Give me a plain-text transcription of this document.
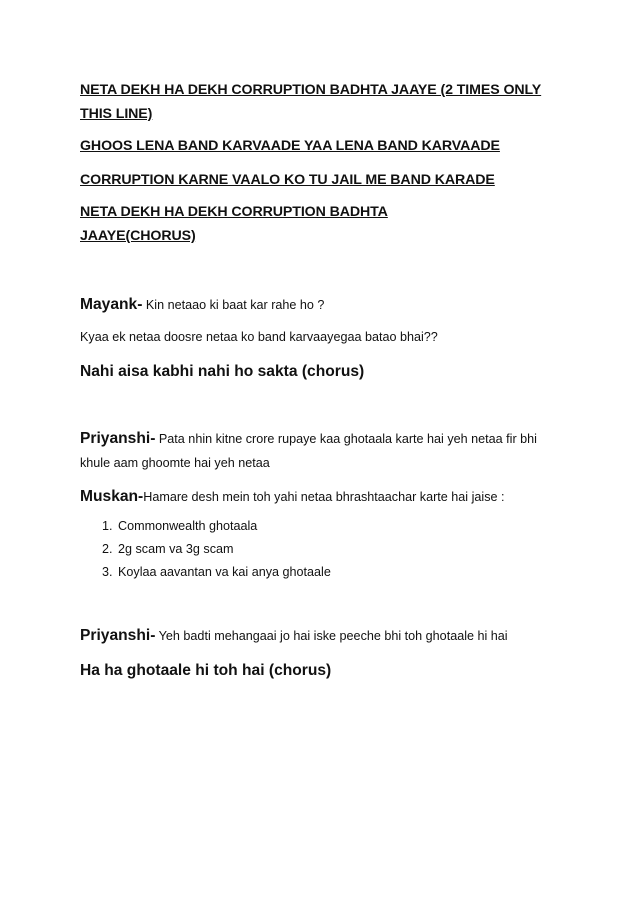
NETA DEKH HA DEKH CORRUPTION BADHTA JAAYE (2 TIMES ONLY THIS LINE)

GHOOS LENA BAND KARVAADE YAA LENA BAND KARVAADE

CORRUPTION KARNE VAALO KO TU JAIL ME BAND KARADE

NETA DEKH HA DEKH CORRUPTION BADHTA JAAYE(CHORUS)

Mayank- Kin netaao ki baat kar rahe ho ?

Kyaa ek netaa doosre netaa ko band karvaayegaa batao bhai??

Nahi aisa kabhi nahi ho sakta (chorus)

Priyanshi- Pata nhin kitne crore rupaye kaa ghotaala karte hai yeh netaa fir bhi khule aam ghoomte hai yeh netaa

Muskan-Hamare desh mein toh yahi netaa bhrashtaachar karte hai jaise :

1. Commonwealth ghotaala
2. 2g scam va 3g scam
3. Koylaa aavantan va kai anya ghotaale

Priyanshi- Yeh badti mehangaai jo hai iske peeche bhi toh ghotaale hi hai

Ha ha ghotaale hi toh hai (chorus)
